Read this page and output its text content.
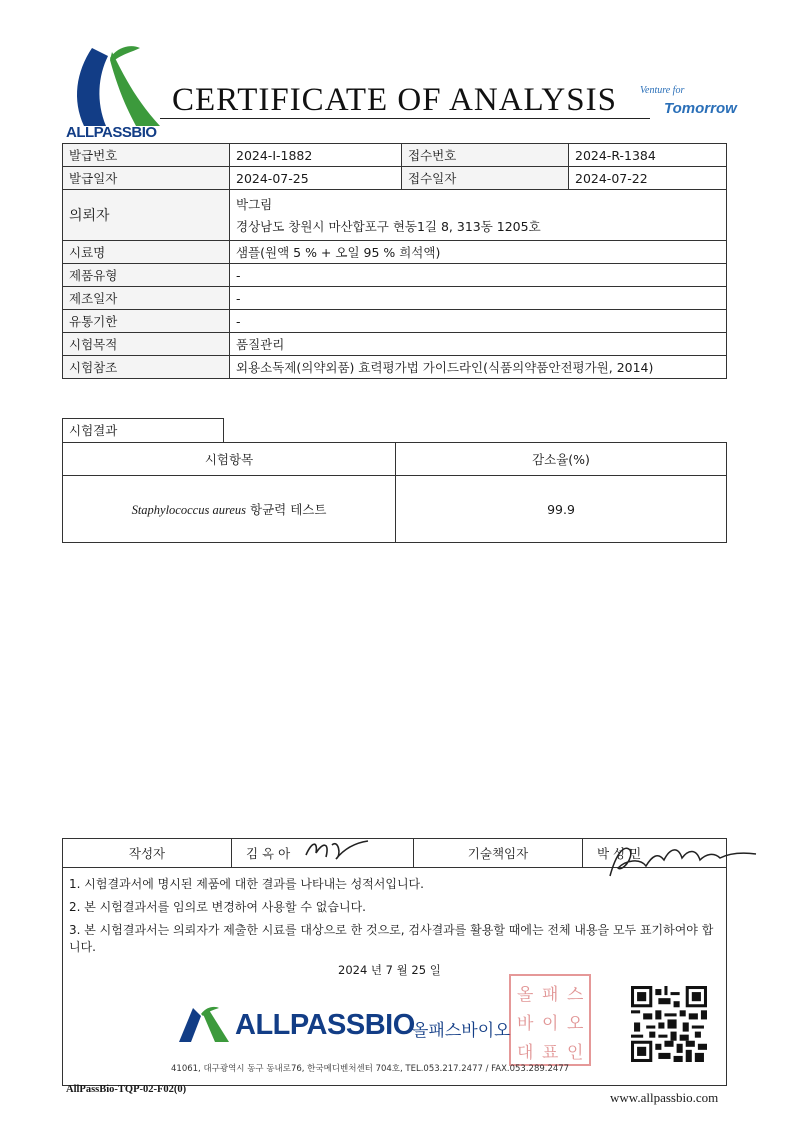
ALLPASSBIO
CERTIFICATE OF ANALYSIS Venture for
Tomorrow
발급번호	2024-I-1882	접수번호	2024-R-1384
발급일자	2024-07-25	접수일자	2024-07-22
의뢰자	박그림
경상남도 창원시 마산합포구 현동1길 8, 313동 1205호		

시료명	샘플(원액 5 % + 오일 95 % 희석액)		
제품유형	-		
제조일자	-		
유통기한	-		
시험목적	품질관리		
시험참조	외용소독제(의약외품) 효력평가법 가이드라인(식품의약품안전평가원, 2014)		
시험결과
시험항목	감소율(%)
Staphylococcus aureus 항균력 테스트	99.9
작성자	김 옥 아	기술책임자	박 성 민
1. 시험결과서에 명시된 제품에 대한 결과를 나타내는 성적서입니다.
2. 본 시험결과서를 임의로 변경하여 사용할 수 없습니다.
3. 본 시험결과서는 의뢰자가 제출한 시료를 대상으로 한 것으로, 검사결과를 활용할 때에는 전체 내용을 모두 표기하여야 합니다.
2024 년 7 월 25 일
ALLPASSBIO
올패스바이오
올 패 스
바 이 오
대 표 인
41061, 대구광역시 동구 동내로76, 한국메디벤처센터 704호, TEL.053.217.2477 / FAX.053.289.2477
AllPassBio-TQP-02-F02(0)
www.allpassbio.com
